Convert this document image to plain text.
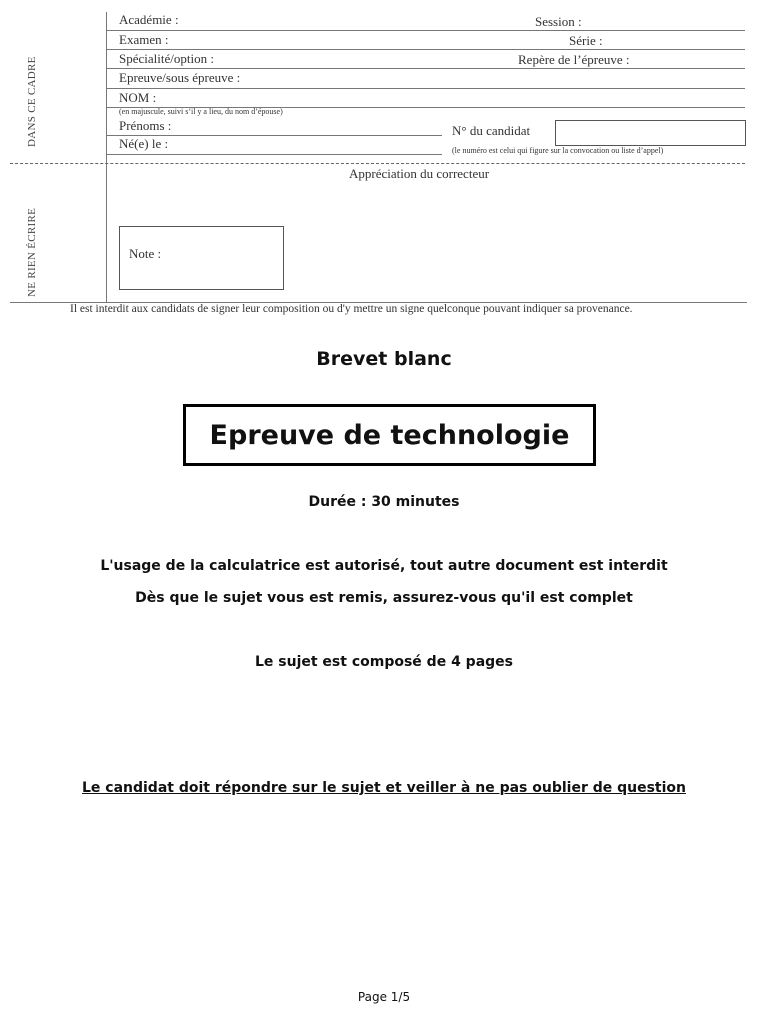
DANS CE CADRE
NE RIEN ÉCRIRE
Académie :	Session :
Examen :	Série :
Spécialité/option :	Repère de l’épreuve :
Epreuve/sous épreuve :
NOM :
(en majuscule, suivi s’il y a lieu, du nom d’épouse)
Prénoms :
Né(e) le :
N° du candidat
(le numéro est celui qui figure sur la convocation ou liste d’appel)
Appréciation du correcteur
Note :
Il est interdit aux candidats de signer leur composition ou d'y mettre un signe quelconque pouvant indiquer sa provenance.
Brevet blanc
Epreuve de technologie
Durée : 30 minutes
L'usage de la calculatrice est autorisé, tout autre document est interdit
Dès que le sujet vous est remis, assurez-vous qu'il est complet
Le sujet est composé de 4 pages
Le candidat doit répondre sur le sujet et veiller à ne pas oublier de question
Page 1/5
